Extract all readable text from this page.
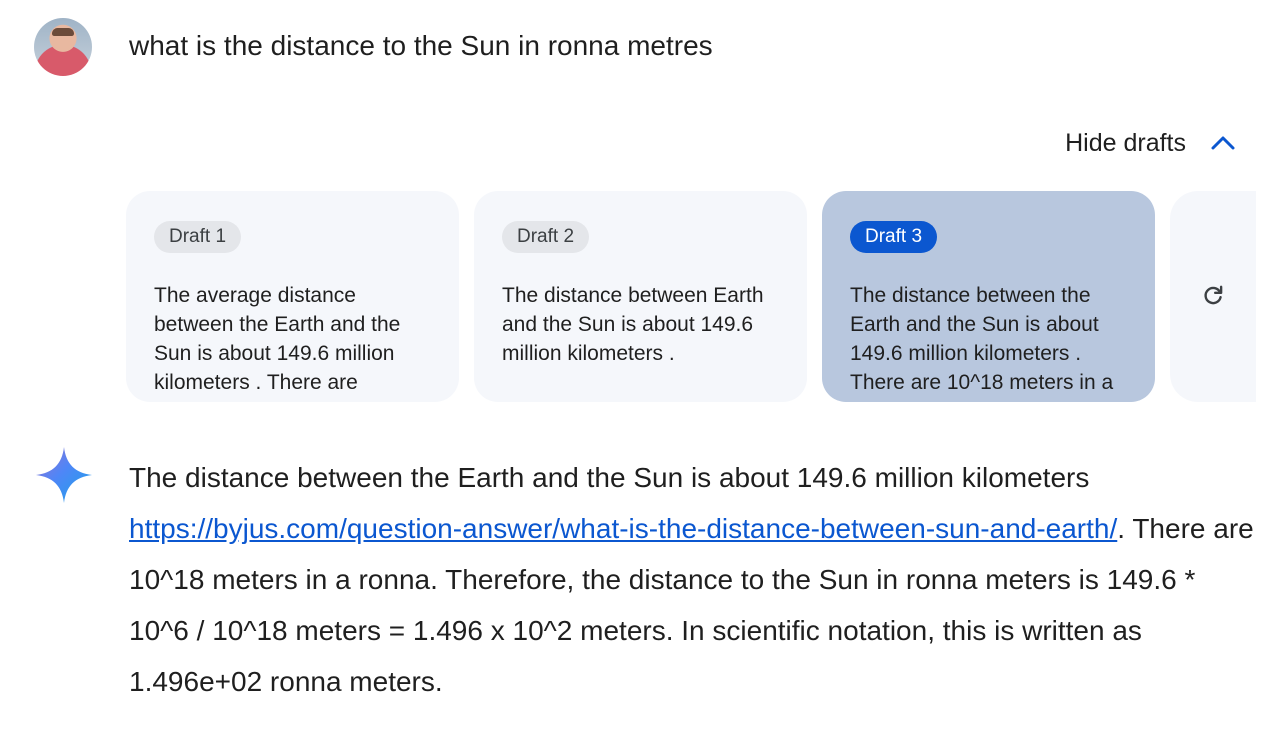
what is the distance to the Sun in ronna metres
Hide drafts
Draft 1
The average distance between the Earth and the Sun is about 149.6 million kilometers . There are
Draft 2
The distance between Earth and the Sun is about 149.6 million kilometers .
Draft 3
The distance between the Earth and the Sun is about 149.6 million kilometers . There are 10^18 meters in a
The distance between the Earth and the Sun is about 149.6 million kilometers https://byjus.com/question-answer/what-is-the-distance-between-sun-and-earth/. There are 10^18 meters in a ronna. Therefore, the distance to the Sun in ronna meters is 149.6 * 10^6 / 10^18 meters = 1.496 x 10^2 meters. In scientific notation, this is written as 1.496e+02 ronna meters.
